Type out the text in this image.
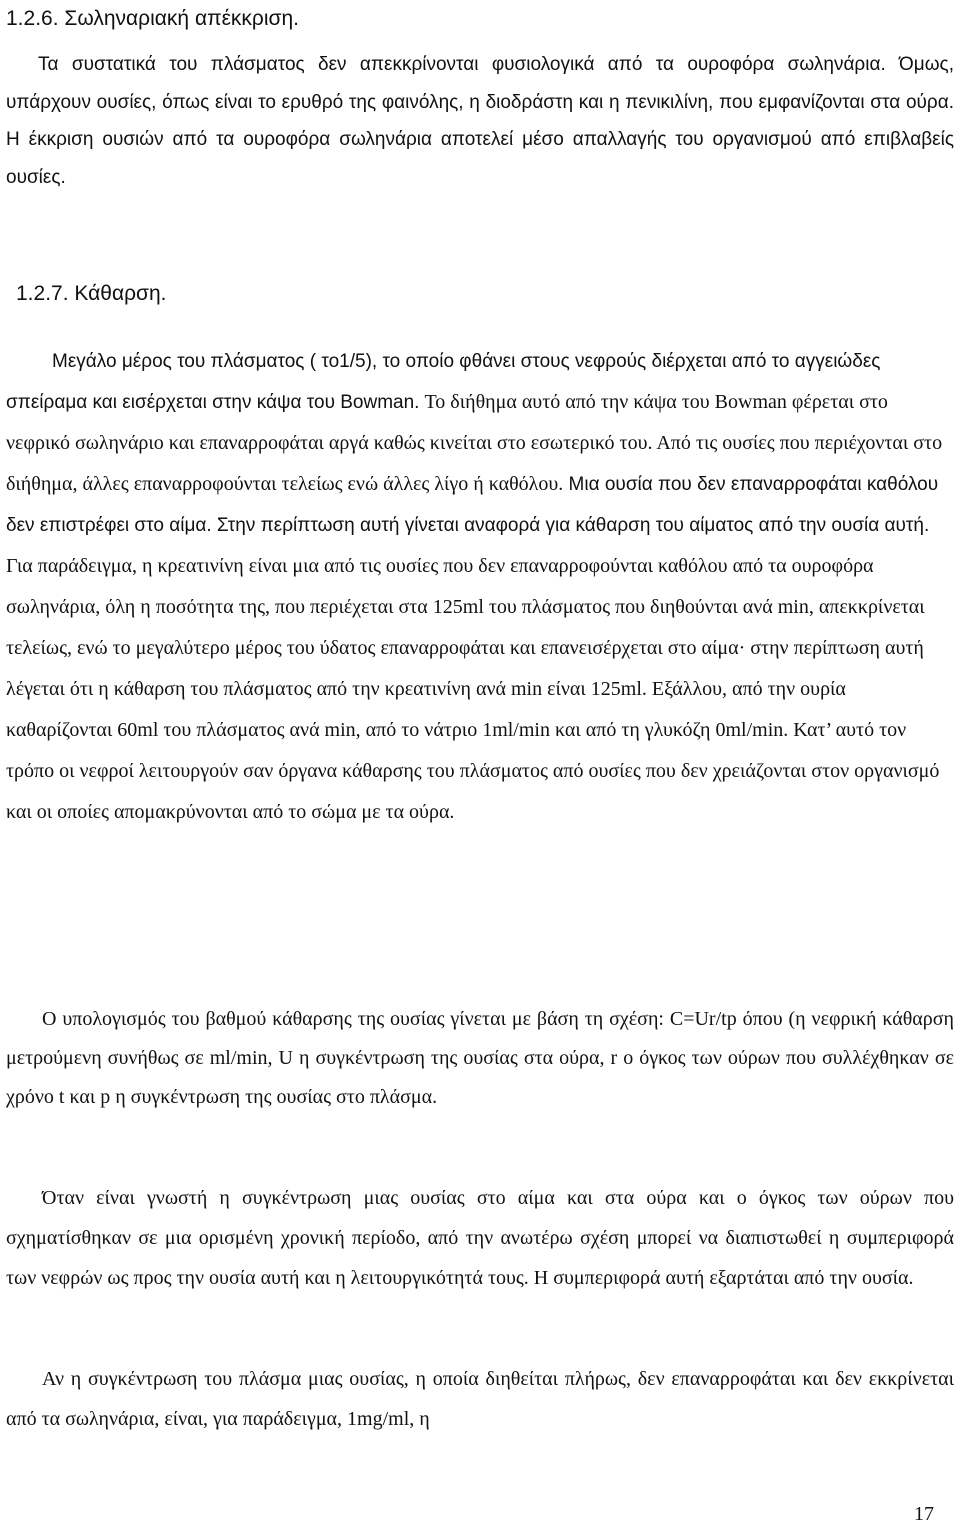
1.2.6. Σωληναριακή απέκκριση.

Τα συστατικά του πλάσματος δεν απεκκρίνονται φυσιολογικά από τα ουροφόρα σωληνάρια. Όμως, υπάρχουν ουσίες, όπως είναι το ερυθρό της φαινόλης, η διοδράστη και η πενικιλίνη, που εμφανίζονται στα ούρα. Η έκκριση ουσιών από τα ουροφόρα σωληνάρια αποτελεί μέσο απαλλαγής του οργανισμού από επιβλαβείς ουσίες.

1.2.7. Κάθαρση.

Μεγάλο μέρος του πλάσματος ( το1/5), το οποίο φθάνει στους νεφρούς διέρχεται από το αγγειώδες σπείραμα και εισέρχεται στην κάψα του Bowman. Το διήθημα αυτό από την κάψα του Bowman φέρεται στο νεφρικό σωληνάριο και επαναρροφάται αργά καθώς κινείται στο εσωτερικό του. Από τις ουσίες που περιέχονται στο διήθημα, άλλες επαναρροφούνται τελείως ενώ άλλες λίγο ή καθόλου. Μια ουσία που δεν επαναρροφάται καθόλου δεν επιστρέφει στο αίμα. Στην περίπτωση αυτή γίνεται αναφορά για κάθαρση του αίματος από την ουσία αυτή. Για παράδειγμα, η κρεατινίνη είναι μια από τις ουσίες που δεν επαναρροφούνται καθόλου από τα ουροφόρα σωληνάρια, όλη η ποσότητα της, που περιέχεται στα 125ml του πλάσματος που διηθούνται ανά min, απεκκρίνεται τελείως, ενώ το μεγαλύτερο μέρος του ύδατος επαναρροφάται και επανεισέρχεται στο αίμα· στην περίπτωση αυτή λέγεται ότι η κάθαρση του πλάσματος από την κρεατινίνη ανά min είναι 125ml. Εξάλλου, από την ουρία καθαρίζονται 60ml του πλάσματος ανά min, από το νάτριο 1ml/min και από τη γλυκόζη 0ml/min. Κατ’ αυτό τον τρόπο οι νεφροί λειτουργούν σαν όργανα κάθαρσης του πλάσματος από ουσίες που δεν χρειάζονται στον οργανισμό και οι οποίες απομακρύνονται από το σώμα με τα ούρα.

Ο υπολογισμός του βαθμού κάθαρσης της ουσίας γίνεται με βάση τη σχέση: C=Ur/tp όπου (η νεφρική κάθαρση μετρούμενη συνήθως σε ml/min, U η συγκέντρωση της ουσίας στα ούρα, r ο όγκος των ούρων που συλλέχθηκαν σε χρόνο t και p η συγκέντρωση της ουσίας στο πλάσμα.

Όταν είναι γνωστή η συγκέντρωση μιας ουσίας στο αίμα και στα ούρα και ο όγκος των ούρων που σχηματίσθηκαν σε μια ορισμένη χρονική περίοδο, από την ανωτέρω σχέση μπορεί να διαπιστωθεί η συμπεριφορά των νεφρών ως προς την ουσία αυτή και η λειτουργικότητά τους. Η συμπεριφορά αυτή εξαρτάται από την ουσία.

Αν η συγκέντρωση του πλάσμα μιας ουσίας, η οποία διηθείται πλήρως, δεν επαναρροφάται και δεν εκκρίνεται από τα σωληνάρια, είναι, για παράδειγμα, 1mg/ml, η

17
